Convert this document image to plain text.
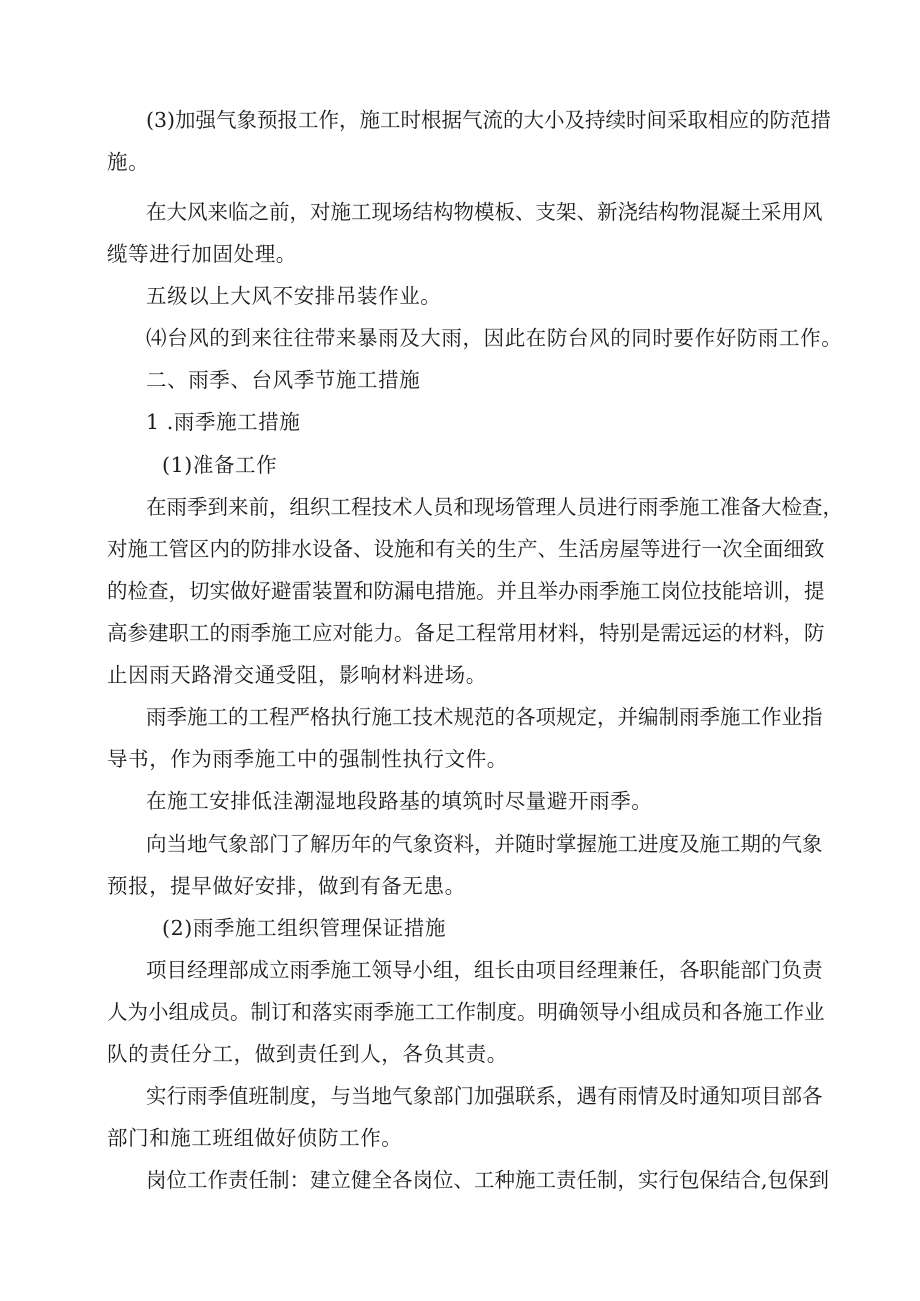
(3)加强气象预报工作，施工时根据气流的大小及持续时间采取相应的防范措
施。
在大风来临之前，对施工现场结构物模板、支架、新浇结构物混凝土采用风
缆等进行加固处理。
五级以上大风不安排吊装作业。
⑷台风的到来往往带来暴雨及大雨，因此在防台风的同时要作好防雨工作。
二、雨季、台风季节施工措施
1 .雨季施工措施
(1)准备工作
在雨季到来前，组织工程技术人员和现场管理人员进行雨季施工准备大检查，
对施工管区内的防排水设备、设施和有关的生产、生活房屋等进行一次全面细致
的检查，切实做好避雷装置和防漏电措施。并且举办雨季施工岗位技能培训，提
高参建职工的雨季施工应对能力。备足工程常用材料，特别是需远运的材料，防
止因雨天路滑交通受阻，影响材料进场。
雨季施工的工程严格执行施工技术规范的各项规定，并编制雨季施工作业指
导书，作为雨季施工中的强制性执行文件。
在施工安排低洼潮湿地段路基的填筑时尽量避开雨季。
向当地气象部门了解历年的气象资料，并随时掌握施工进度及施工期的气象
预报，提早做好安排，做到有备无患。
(2)雨季施工组织管理保证措施
项目经理部成立雨季施工领导小组，组长由项目经理兼任，各职能部门负责
人为小组成员。制订和落实雨季施工工作制度。明确领导小组成员和各施工作业
队的责任分工，做到责任到人，各负其责。
实行雨季值班制度，与当地气象部门加强联系，遇有雨情及时通知项目部各
部门和施工班组做好侦防工作。
岗位工作责任制：建立健全各岗位、工种施工责任制，实行包保结合,包保到
